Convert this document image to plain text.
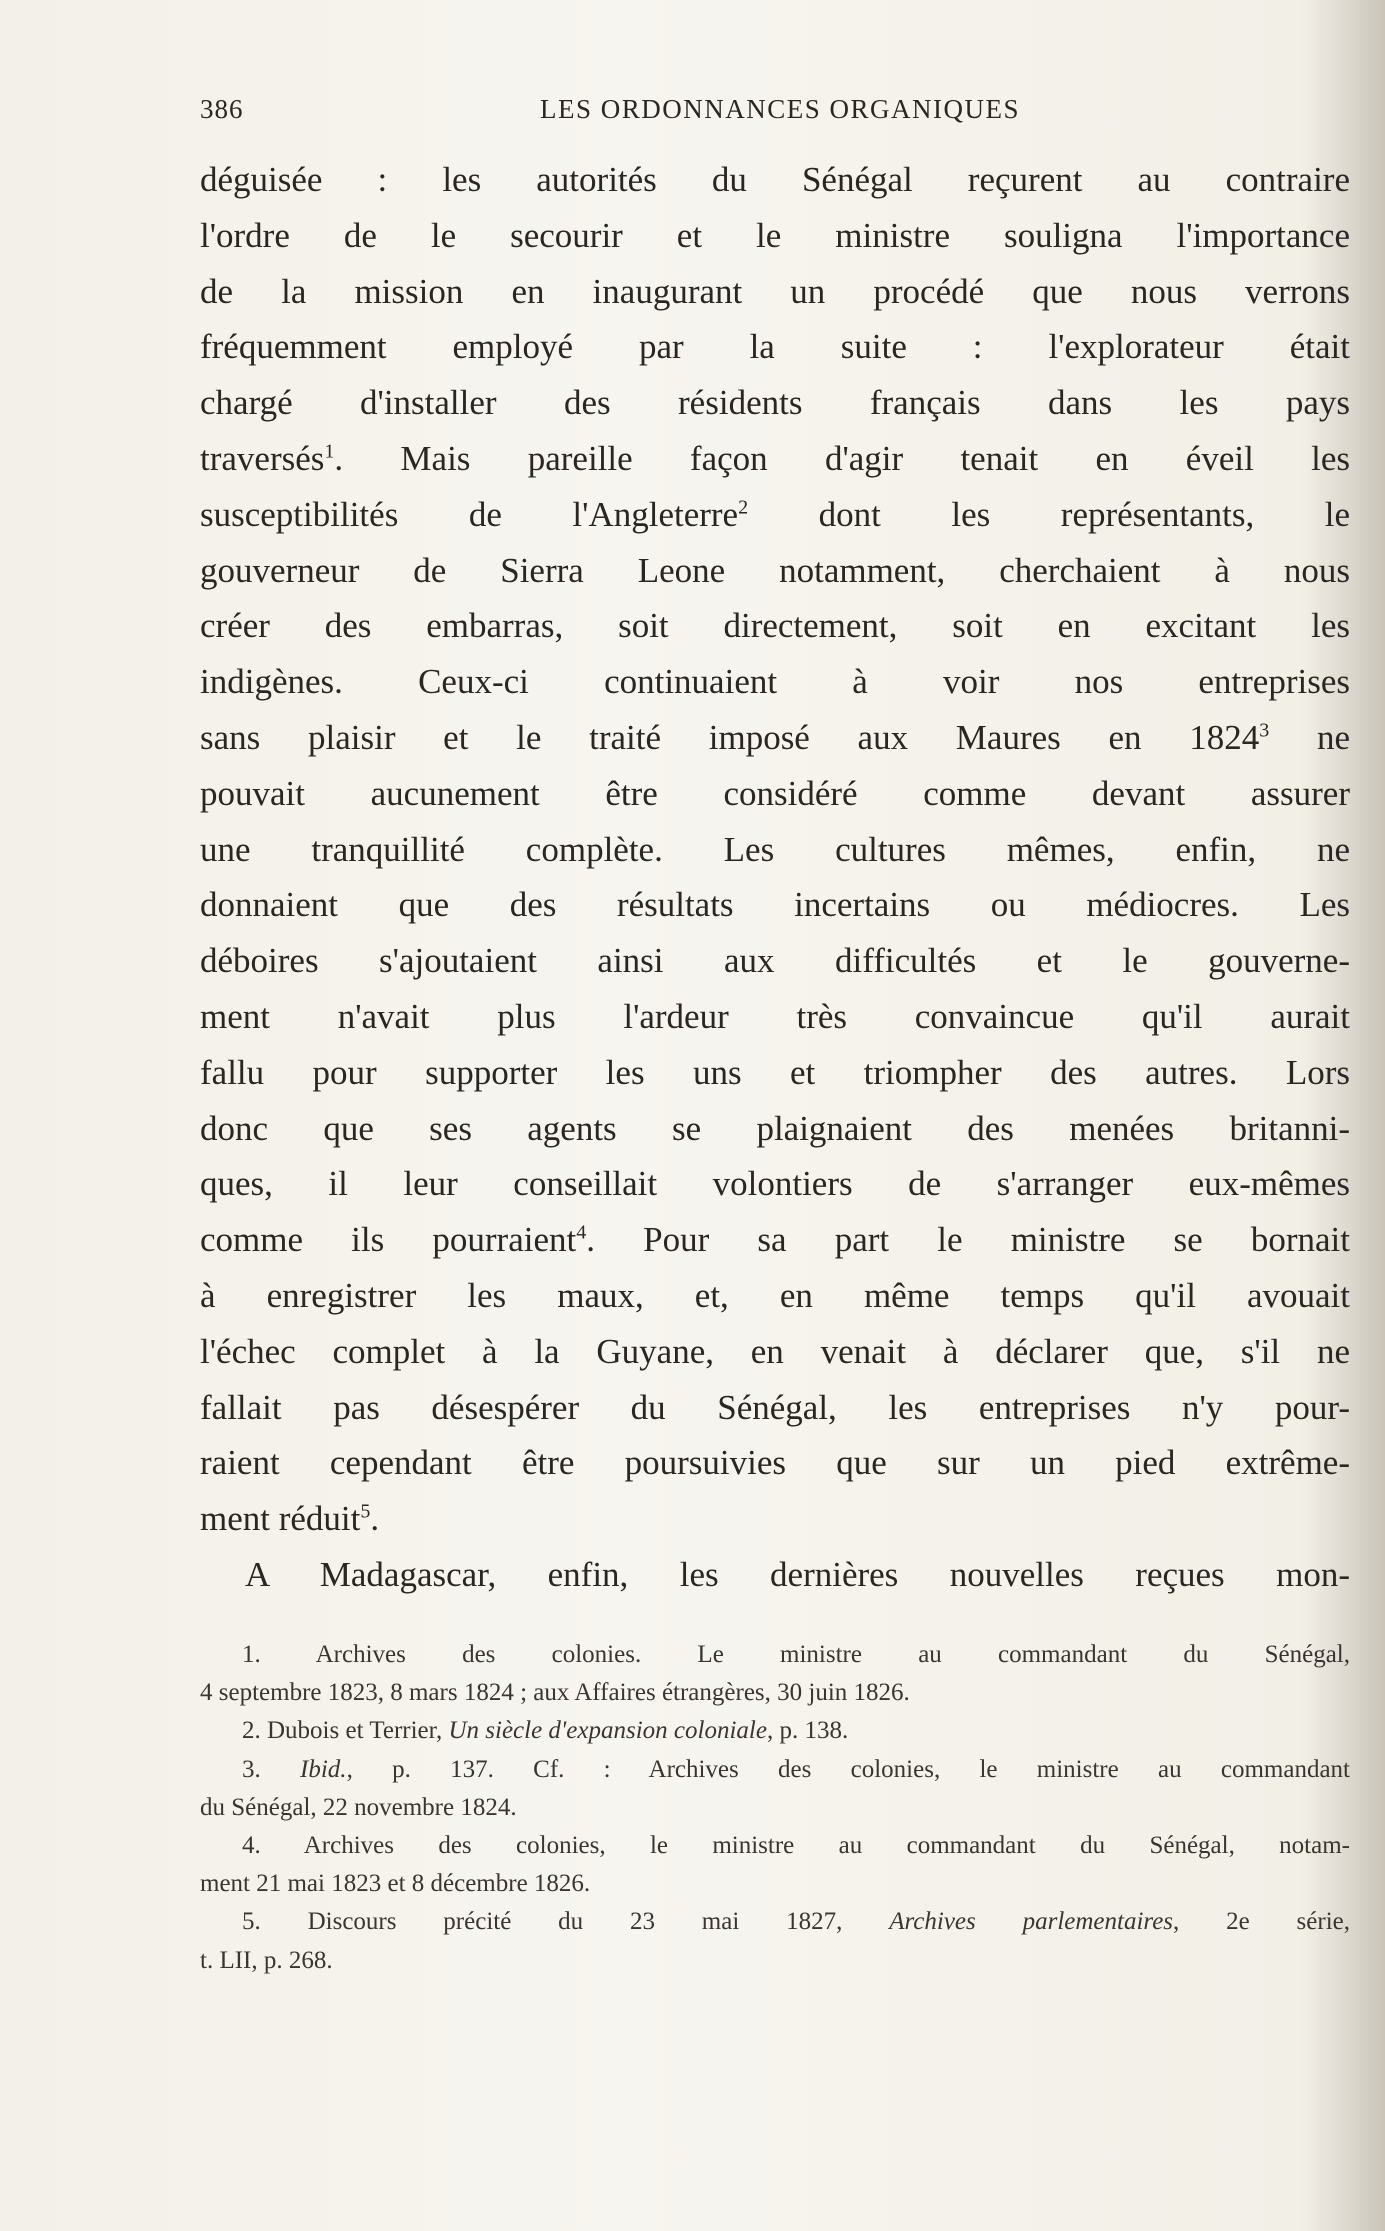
386	LES ORDONNANCES ORGANIQUES
déguisée : les autorités du Sénégal reçurent au contraire
l'ordre de le secourir et le ministre souligna l'importance
de la mission en inaugurant un procédé que nous verrons
fréquemment employé par la suite : l'explorateur était
chargé d'installer des résidents français dans les pays
traversés$^1$. Mais pareille façon d'agir tenait en éveil les
susceptibilités de l'Angleterre$^2$ dont les représentants, le
gouverneur de Sierra Leone notamment, cherchaient à nous
créer des embarras, soit directement, soit en excitant les
indigènes. Ceux-ci continuaient à voir nos entreprises
sans plaisir et le traité imposé aux Maures en 1824$^3$ ne
pouvait aucunement être considéré comme devant assurer
une tranquillité complète. Les cultures mêmes, enfin, ne
donnaient que des résultats incertains ou médiocres. Les
déboires s'ajoutaient ainsi aux difficultés et le gouverne-
ment n'avait plus l'ardeur très convaincue qu'il aurait
fallu pour supporter les uns et triompher des autres. Lors
donc que ses agents se plaignaient des menées britanni-
ques, il leur conseillait volontiers de s'arranger eux-mêmes
comme ils pourraient$^4$. Pour sa part le ministre se bornait
à enregistrer les maux, et, en même temps qu'il avouait
l'échec complet à la Guyane, en venait à déclarer que, s'il ne
fallait pas désespérer du Sénégal, les entreprises n'y pour-
raient cependant être poursuivies que sur un pied extrême-
ment réduit$^5$.
A Madagascar, enfin, les dernières nouvelles reçues mon-
1. Archives des colonies. Le ministre au commandant du Sénégal,
4 septembre 1823, 8 mars 1824 ; aux Affaires étrangères, 30 juin 1826.
2. Dubois et Terrier, Un siècle d'expansion coloniale, p. 138.
3. Ibid., p. 137. Cf. : Archives des colonies, le ministre au commandant
du Sénégal, 22 novembre 1824.
4. Archives des colonies, le ministre au commandant du Sénégal, notam-
ment 21 mai 1823 et 8 décembre 1826.
5. Discours précité du 23 mai 1827, Archives parlementaires, 2e série,
t. LII, p. 268.
